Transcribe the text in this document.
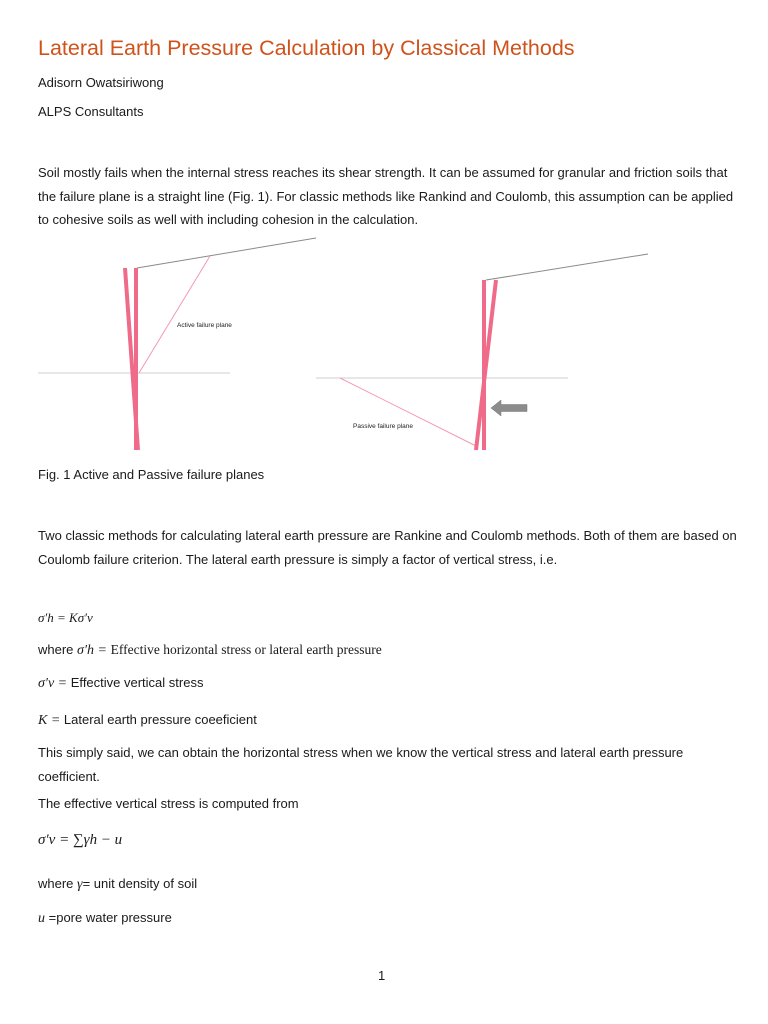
Lateral Earth Pressure Calculation by Classical Methods
Adisorn Owatsiriwong
ALPS Consultants
Soil mostly fails when the internal stress reaches its shear strength. It can be assumed for granular and friction soils that the failure plane is a straight line (Fig. 1). For classic methods like Rankind and Coulomb, this assumption can be applied to cohesive soils as well with including cohesion in the calculation.
Active failure plane
Passive failure plane
Fig. 1 Active and Passive failure planes
Two classic methods for calculating lateral earth pressure are Rankine and Coulomb methods. Both of them are based on Coulomb failure criterion. The lateral earth pressure is simply a factor of vertical stress, i.e.
σ′h = Kσ′v
where σ′h = Effective horizontal stress or lateral earth pressure
σ′v = Effective vertical stress
K = Lateral earth pressure coeeficient
This simply said, we can obtain the horizontal stress when we know the vertical stress and lateral earth pressure coefficient.
The effective vertical stress is computed from
σ′v = ∑γh − u
where γ= unit density of soil
u =pore water pressure
1
